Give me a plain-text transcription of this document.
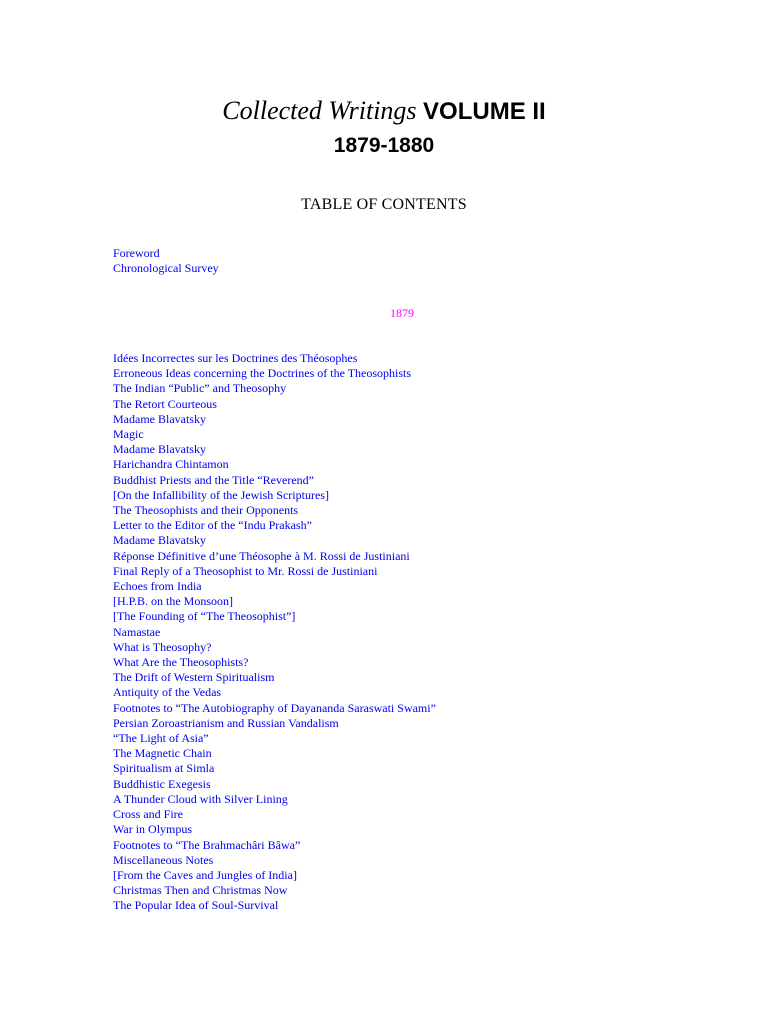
Collected Writings VOLUME II
1879-1880
TABLE OF CONTENTS
Foreword
Chronological Survey
1879
Idées Incorrectes sur les Doctrines des Théosophes
Erroneous Ideas concerning the Doctrines of the Theosophists
The Indian “Public” and Theosophy
The Retort Courteous
Madame Blavatsky
Magic
Madame Blavatsky
Harichandra Chintamon
Buddhist Priests and the Title “Reverend”
[On the Infallibility of the Jewish Scriptures]
The Theosophists and their Opponents
Letter to the Editor of the “Indu Prakash”
Madame Blavatsky
Réponse Définitive d’une Théosophe à M. Rossi de Justiniani
Final Reply of a Theosophist to Mr. Rossi de Justiniani
Echoes from India
[H.P.B. on the Monsoon]
[The Founding of “The Theosophist”]
Namastae
What is Theosophy?
What Are the Theosophists?
The Drift of Western Spiritualism
Antiquity of the Vedas
Footnotes to “The Autobiography of Dayananda Saraswati Swami”
Persian Zoroastrianism and Russian Vandalism
“The Light of Asia”
The Magnetic Chain
Spiritualism at Simla
Buddhistic Exegesis
A Thunder Cloud with Silver Lining
Cross and Fire
War in Olympus
Footnotes to “The Brahmachâri Bâwa”
Miscellaneous Notes
[From the Caves and Jungles of India]
Christmas Then and Christmas Now
The Popular Idea of Soul-Survival
